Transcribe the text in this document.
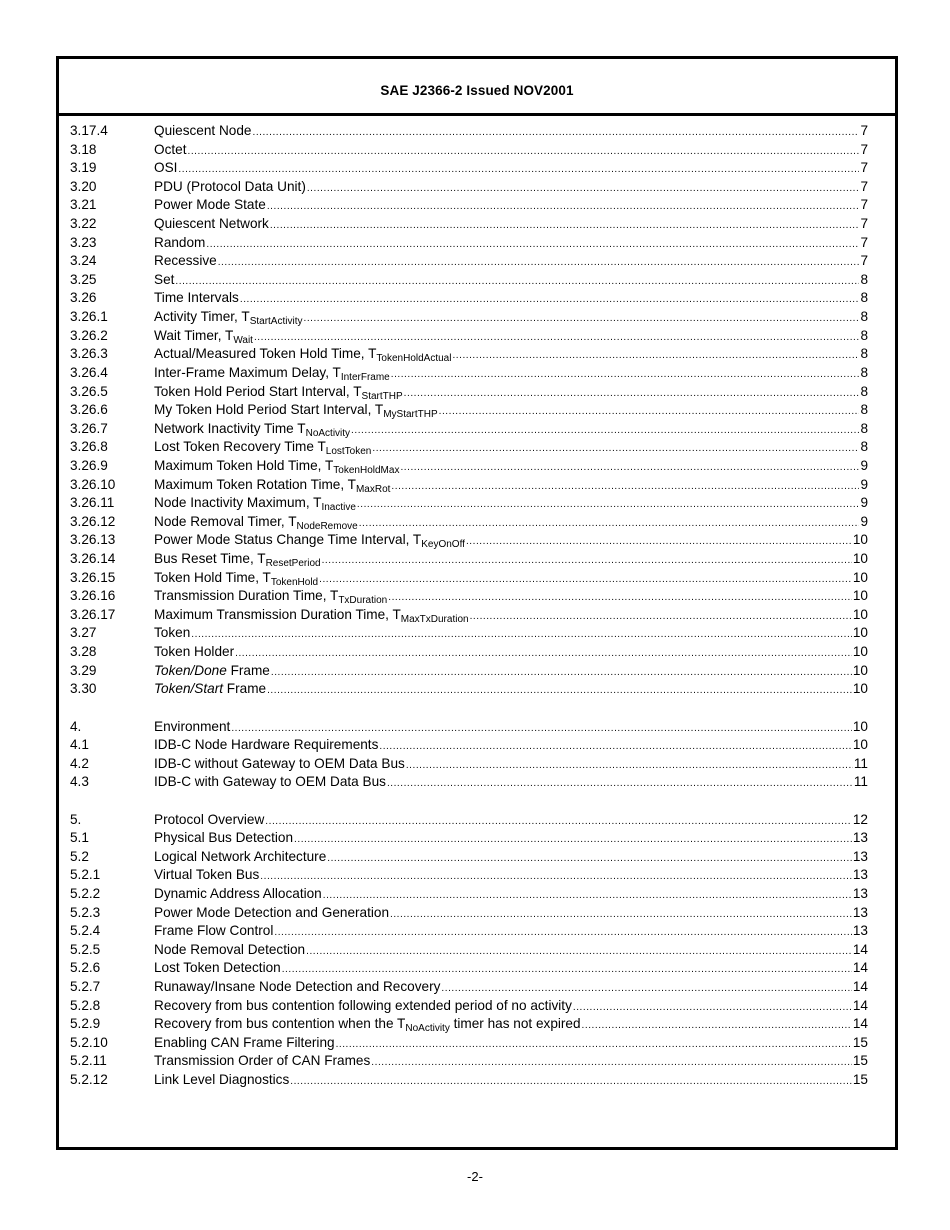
SAE J2366-2 Issued NOV2001
3.17.4	Quiescent Node .....	7
3.18	Octet .....	7
3.19	OSI .....	7
3.20	PDU (Protocol Data Unit) .....	7
3.21	Power Mode State .....	7
3.22	Quiescent Network .....	7
3.23	Random .....	7
3.24	Recessive .....	7
3.25	Set .....	8
3.26	Time Intervals .....	8
3.26.1	Activity Timer, $T_{StartActivity}$ .....	8
3.26.2	Wait Timer, $T_{Wait}$ .....	8
3.26.3	Actual/Measured Token Hold Time, $T_{TokenHoldActual}$ .....	8
3.26.4	Inter-Frame Maximum Delay, $T_{InterFrame}$ .....	8
3.26.5	Token Hold Period Start Interval, $T_{StartTHP}$ .....	8
3.26.6	My Token Hold Period Start Interval, $T_{MyStartTHP}$ .....	8
3.26.7	Network Inactivity Time $T_{NoActivity}$ .....	8
3.26.8	Lost Token Recovery Time $T_{LostToken}$ .....	8
3.26.9	Maximum Token Hold Time, $T_{TokenHoldMax}$ .....	9
3.26.10	Maximum Token Rotation Time, $T_{MaxRot}$ .....	9
3.26.11	Node Inactivity Maximum, $T_{Inactive}$ .....	9
3.26.12	Node Removal Timer, $T_{NodeRemove}$ .....	9
3.26.13	Power Mode Status Change Time Interval, $T_{KeyOnOff}$ .....	10
3.26.14	Bus Reset Time, $T_{ResetPeriod}$ .....	10
3.26.15	Token Hold Time, $T_{TokenHold}$ .....	10
3.26.16	Transmission Duration Time, $T_{TxDuration}$ .....	10
3.26.17	Maximum Transmission Duration Time, $T_{MaxTxDuration}$ .....	10
3.27	Token .....	10
3.28	Token Holder .....	10
3.29	Token/Done Frame .....	10
3.30	Token/Start Frame .....	10
4.	Environment .....	10
4.1	IDB-C Node Hardware Requirements .....	10
4.2	IDB-C without Gateway to OEM Data Bus .....	11
4.3	IDB-C with Gateway to OEM Data Bus .....	11
5.	Protocol Overview .....	12
5.1	Physical Bus Detection .....	13
5.2	Logical Network Architecture .....	13
5.2.1	Virtual Token Bus .....	13
5.2.2	Dynamic Address Allocation .....	13
5.2.3	Power Mode Detection and Generation .....	13
5.2.4	Frame Flow Control .....	13
5.2.5	Node Removal Detection .....	14
5.2.6	Lost Token Detection .....	14
5.2.7	Runaway/Insane Node Detection and Recovery .....	14
5.2.8	Recovery from bus contention following extended period of no activity .....	14
5.2.9	Recovery from bus contention when the $T_{NoActivity}$ timer has not expired .....	14
5.2.10	Enabling CAN Frame Filtering .....	15
5.2.11	Transmission Order of CAN Frames .....	15
5.2.12	Link Level Diagnostics .....	15
-2-
